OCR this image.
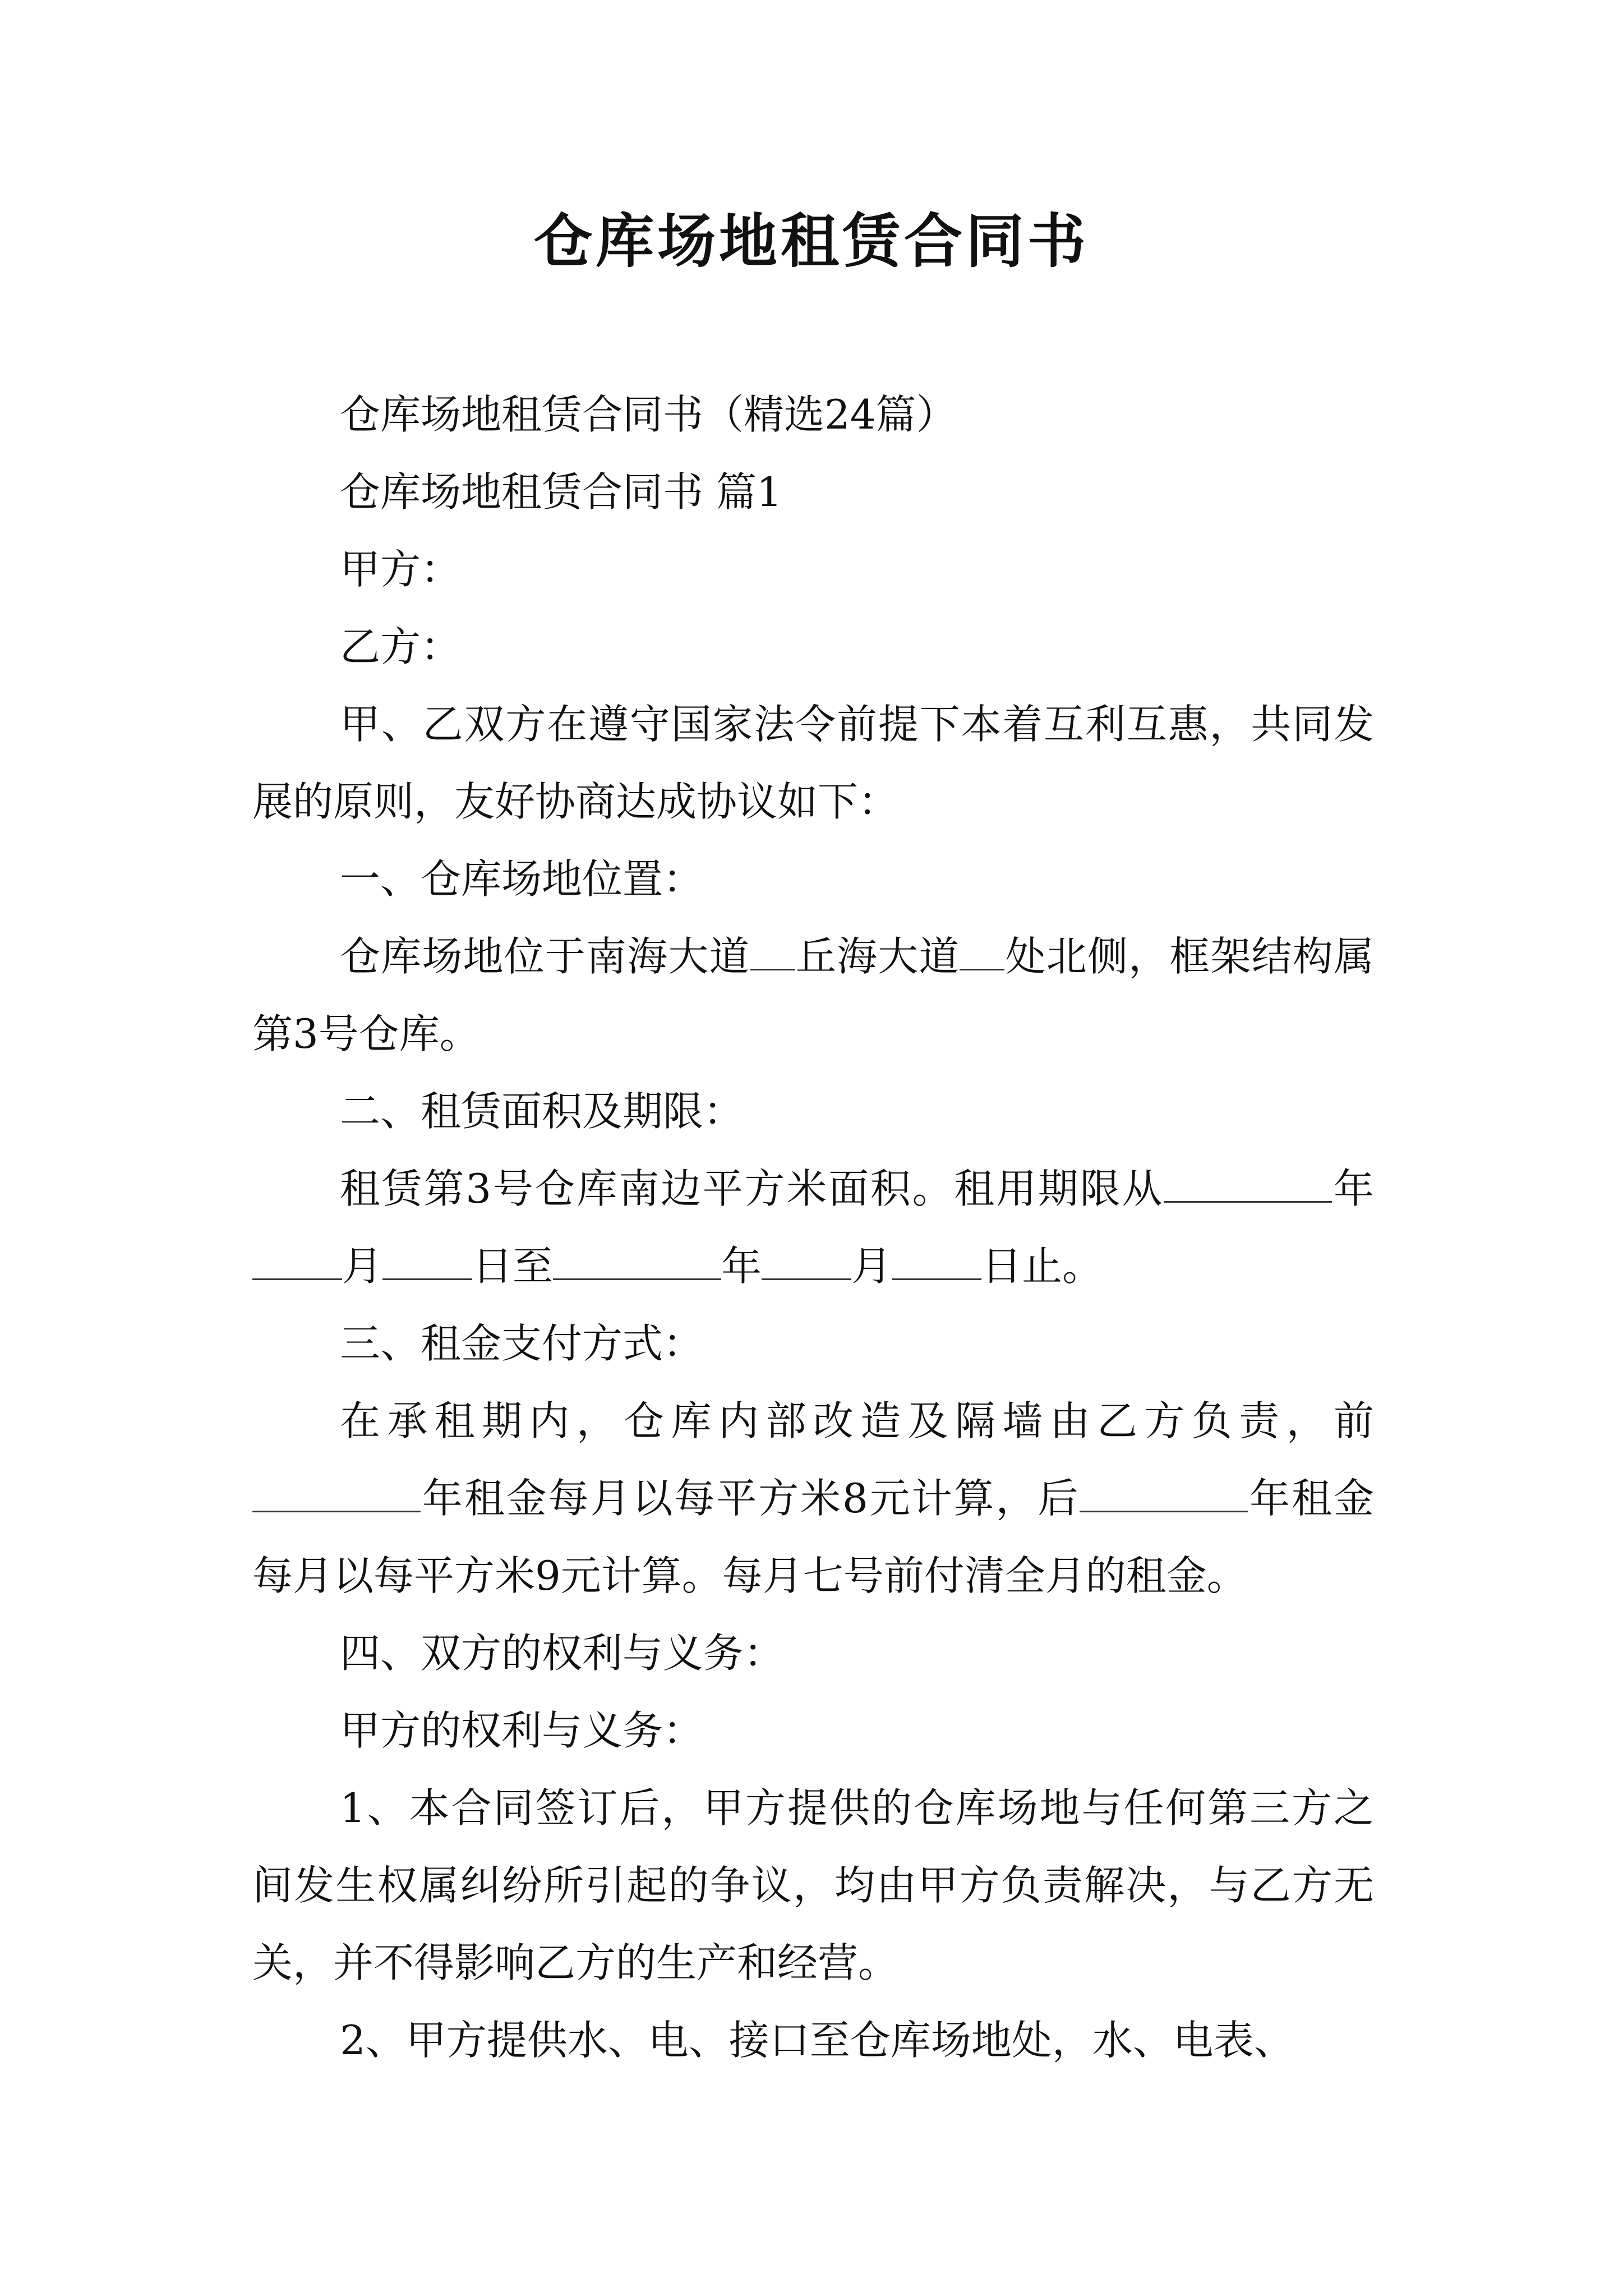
仓库场地租赁合同书

仓库场地租赁合同书（精选24篇）

仓库场地租赁合同书 篇1

甲方：

乙方：

甲、乙双方在遵守国家法令前提下本着互利互惠，共同发展的原则，友好协商达成协议如下：

一、仓库场地位置：

仓库场地位于南海大道 丘海大道 处北侧，框架结构属第3号仓库。

二、租赁面积及期限：

租赁第3号仓库南边平方米面积。租用期限从	年月 日至	年 月 日止。

三、租金支付方式：

在承租期内，仓库内部改造及隔墙由乙方负责，前年租金每月以每平方米8元计算，后	年租金每月以每平方米9元计算。每月七号前付清全月的租金。

四、双方的权利与义务：

甲方的权利与义务：

1、本合同签订后，甲方提供的仓库场地与任何第三方之间发生权属纠纷所引起的争议，均由甲方负责解决，与乙方无关，并不得影响乙方的生产和经营。

2、甲方提供水、电、接口至仓库场地处，水、电表、
